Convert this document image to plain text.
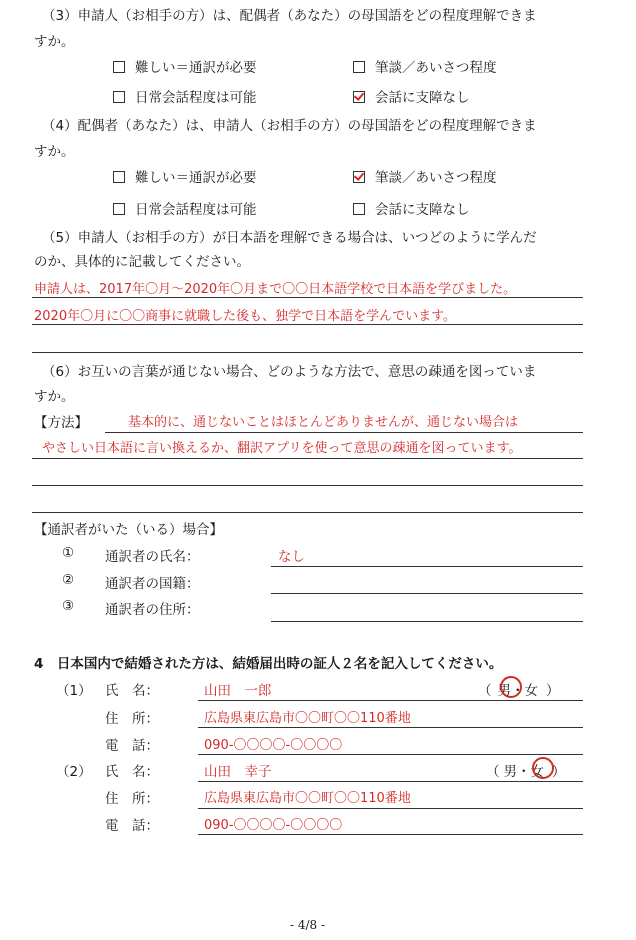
（3）申請人（お相手の方）は、配偶者（あなた）の母国語をどの程度理解できま
すか。
難しい＝通訳が必要	筆談／あいさつ程度
日常会話程度は可能	会話に支障なし
（4）配偶者（あなた）は、申請人（お相手の方）の母国語をどの程度理解できま
すか。
難しい＝通訳が必要	筆談／あいさつ程度
日常会話程度は可能	会話に支障なし
（5）申請人（お相手の方）が日本語を理解できる場合は、いつどのように学んだ
のか、具体的に記載してください。
申請人は、2017年〇月～2020年〇月まで〇〇日本語学校で日本語を学びました。
2020年〇月に〇〇商事に就職した後も、独学で日本語を学んでいます。
（6）お互いの言葉が通じない場合、どのような方法で、意思の疎通を図っていま
すか。
【方法】	基本的に、通じないことはほとんどありませんが、通じない場合は
やさしい日本語に言い換えるか、翻訳アプリを使って意思の疎通を図っています。
【通訳者がいた（いる）場合】
① 通訳者の氏名：	なし
② 通訳者の国籍：
③ 通訳者の住所：
4　日本国内で結婚された方は、結婚届出時の証人２名を記入してください。
（1） 氏　名：	山田　一郎	（ 男・女 ）
住　所：	広島県東広島市〇〇町〇〇110番地
電　話：	090-〇〇〇〇-〇〇〇〇
（2） 氏　名：	山田　幸子	（ 男・女 ）
住　所：	広島県東広島市〇〇町〇〇110番地
電　話：	090-〇〇〇〇-〇〇〇〇
- 4/8 -
